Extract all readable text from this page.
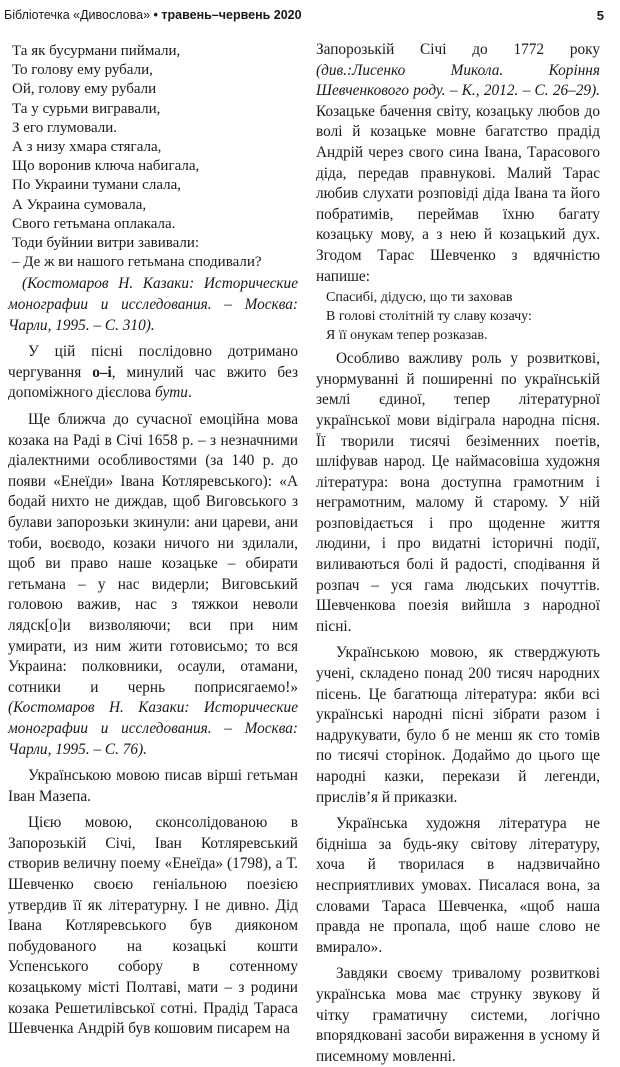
Бібліотечка «Дивослова» • травень–червень 2020	5
Та як бусурмани пиймали,
То голову ему рубали,
Ой, голову ему рубали
Та у сурьми вигравали,
З его глумовали.
А з низу хмара стягала,
Що воронив ключа набигала,
По Украини тумани слала,
А Украина сумовала,
Свого гетьмана оплакала.
Тоди буйнии витри завивали:
– Де ж ви нашого гетьмана сподивали?

(Костомаров Н. Казаки: Исторические монографии и исследования. – Москва: Чарли, 1995. – С. 310).

У цій пісні послідовно дотримано чергування о–і, минулий час вжито без допоміжного дієслова бути.

Ще ближча до сучасної емоційна мова козака на Раді в Січі 1658 р. – з незначними діалектними особливостями (за 140 р. до появи «Енеїди» Івана Котляревського): «А бодай нихто не диждав, щоб Виговського з булави запорозьки зкинули: ани цареви, ани тоби, воєводо, козаки ничого ни здилали, щоб ви право наше козацьке – обирати гетьмана – у нас видерли; Виговський головою важив, нас з тяжкои неволи лядск[о]и визволяючи; вси при ним умирати, из ним жити готовисьмо; то вся Украина: полковники, осаули, отамани, сотники и чернь поприсягаемо!» (Костомаров Н. Казаки: Исторические монографии и исследования. – Москва: Чарли, 1995. – С. 76).

Українською мовою писав вірші гетьман Іван Мазепа.

Цією мовою, сконсолідованою в Запорозькій Січі, Іван Котляревський створив величну поему «Енеїда» (1798), а Т. Шевченко своєю геніальною поезією утвердив її як літературну. І не дивно. Дід Івана Котляревського був дияконом побудованого на козацькі кошти Успенського собору в сотенному козацькому місті Полтаві, мати – з родини козака Решетилівської сотні. Прадід Тараса Шевченка Андрій був кошовим писарем на

Запорозькій Січі до 1772 року (див.:Лисенко Микола. Коріння Шевченкового роду. – К., 2012. – С. 26–29). Козацьке бачення світу, козацьку любов до волі й козацьке мовне багатство прадід Андрій через свого сина Івана, Тарасового діда, передав правнукові. Малий Тарас любив слухати розповіді діда Івана та його побратимів, переймав їхню багату козацьку мову, а з нею й козацький дух. Згодом Тарас Шевченко з вдячністю напише:

Спасибі, дідусю, що ти заховав
В голові столітній ту славу козачу:
Я її онукам тепер розказав.

Особливо важливу роль у розвиткові, унормуванні й поширенні по українській землі єдиної, тепер літературної української мови відіграла народна пісня. Її творили тисячі безіменних поетів, шліфував народ. Це наймасовіша художня література: вона доступна грамотним і неграмотним, малому й старому. У ній розповідається і про щоденне життя людини, і про видатні історичні події, виливаються болі й радості, сподівання й розпач – уся гама людських почуттів. Шевченкова поезія вийшла з народної пісні.

Українською мовою, як стверджують учені, складено понад 200 тисяч народних пісень. Це багатюща література: якби всі українські народні пісні зібрати разом і надрукувати, було б не менш як сто томів по тисячі сторінок. Додаймо до цього ще народні казки, перекази й легенди, прислів’я й приказки.

Українська художня література не бідніша за будь-яку світову літературу, хоча й творилася в надзвичайно несприятливих умовах. Писалася вона, за словами Тараса Шевченка, «щоб наша правда не пропала, щоб наше слово не вмирало».

Завдяки своєму тривалому розвиткові українська мова має струнку звукову й чітку граматичну системи, логічно впорядковані засоби вираження в усному й писемному мовленні.
